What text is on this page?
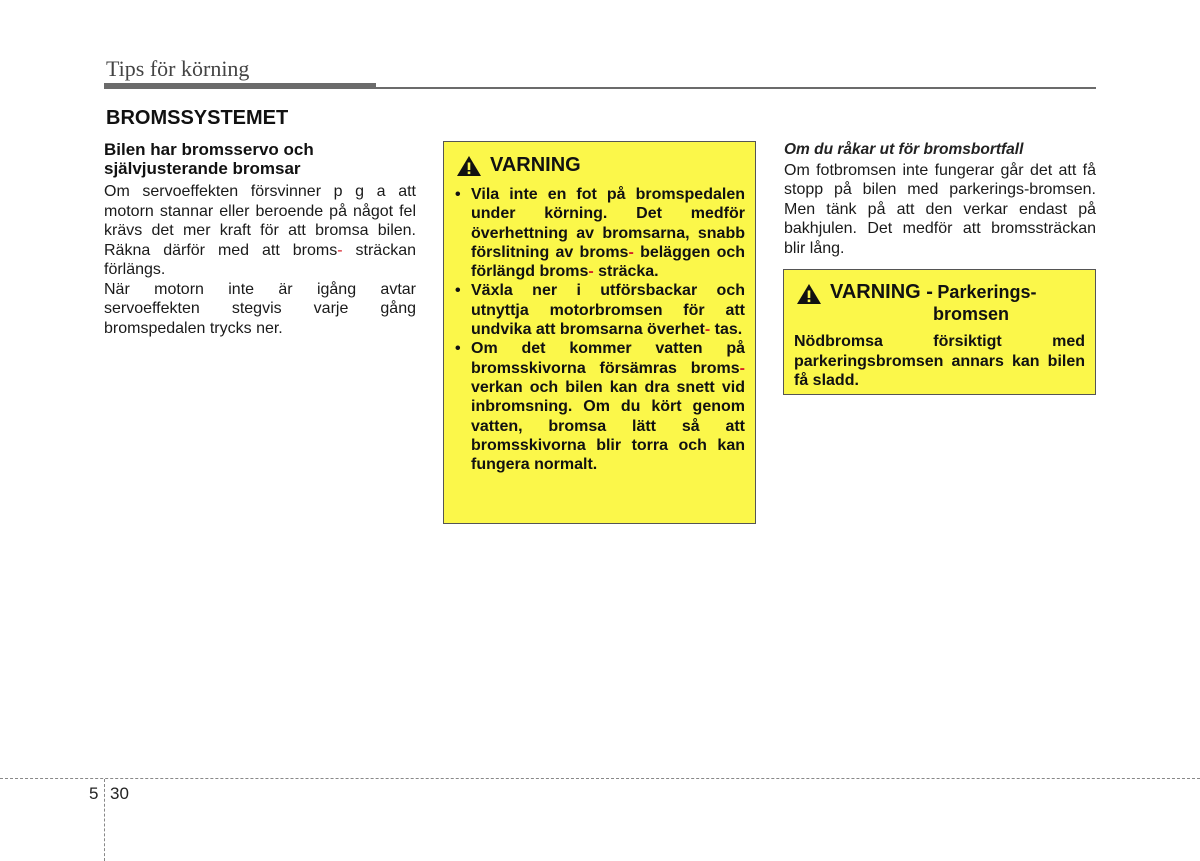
Tips för körning
BROMSSYSTEMET

Bilen har bromsservo och
självjusterande bromsar

Om servoeffekten försvinner p g a att motorn stannar eller beroende på något fel krävs det mer kraft för att bromsa bilen. Räkna därför med att broms- sträckan förlängs.

När motorn inte är igång avtar servoeffekten stegvis varje gång bromspedalen trycks ner.

VARNING
• Vila inte en fot på bromspedalen under körning. Det medför överhettning av bromsarna, snabb förslitning av broms- beläggen och förlängd broms- sträcka.
• Växla ner i utförsbackar och utnyttja motorbromsen för att undvika att bromsarna överhet- tas.
• Om det kommer vatten på bromsskivorna försämras broms- verkan och bilen kan dra snett vid inbromsning. Om du kört genom vatten, bromsa lätt så att bromsskivorna blir torra och kan fungera normalt.

Om du råkar ut för bromsbortfall

Om fotbromsen inte fungerar går det att få stopp på bilen med parkerings-bromsen. Men tänk på att den verkar endast på bakhjulen. Det medför att bromssträckan blir lång.

VARNING - Parkerings-
bromsen

Nödbromsa försiktigt med parkeringsbromsen annars kan bilen få sladd.

5 30
